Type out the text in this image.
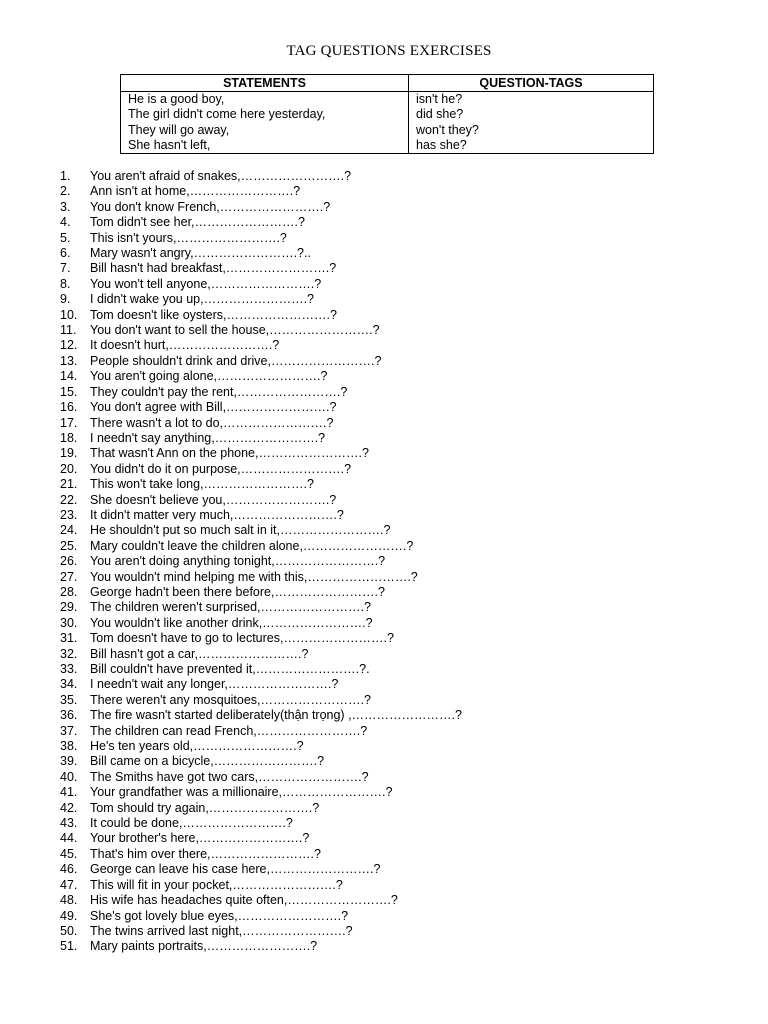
TAG QUESTIONS EXERCISES
STATEMENTS	QUESTION-TAGS
He is a good boy,	isn't he?
The girl didn't come here yesterday,	did she?
They will go away,	won't they?
She hasn't left,	has she?
1. You aren't afraid of snakes,…………………….?
2. Ann isn't at home,…………………….?
3. You don't know French,…………………….?
4. Tom didn't see her,…………………….?
5. This isn't yours,…………………….?
6. Mary wasn't angry,…………………….?..
7. Bill hasn't had breakfast,…………………….?
8. You won't tell anyone,…………………….?
9. I didn't wake you up,…………………….?
10. Tom doesn't like oysters,…………………….?
11. You don't want to sell the house,…………………….?
12. It doesn't hurt,…………………….?
13. People shouldn't drink and drive,…………………….?
14. You aren't going alone,…………………….?
15. They couldn't pay the rent,…………………….?
16. You don't agree with Bill,…………………….?
17. There wasn't a lot to do,…………………….?
18. I needn't say anything,…………………….?
19. That wasn't Ann on the phone,…………………….?
20. You didn't do it on purpose,…………………….?
21. This won't take long,…………………….?
22. She doesn't believe you,…………………….?
23. It didn't matter very much,…………………….?
24. He shouldn't put so much salt in it,…………………….?
25. Mary couldn't leave the children alone,…………………….?
26. You aren't doing anything tonight,…………………….?
27. You wouldn't mind helping me with this,…………………….?
28. George hadn't been there before,…………………….?
29. The children weren't surprised,…………………….?
30. You wouldn't like another drink,…………………….?
31. Tom doesn't have to go to lectures,…………………….?
32. Bill hasn't got a car,…………………….?
33. Bill couldn't have prevented it,…………………….?.
34. I needn't wait any longer,…………………….?
35. There weren't any mosquitoes,…………………….?
36. The fire wasn't started deliberately(thận trọng) ,…………………….?
37. The children can read French,…………………….?
38. He's ten years old,…………………….?
39. Bill came on a bicycle,…………………….?
40. The Smiths have got two cars,…………………….?
41. Your grandfather was a millionaire,…………………….?
42. Tom should try again,…………………….?
43. It could be done,…………………….?
44. Your brother's here,…………………….?
45. That's him over there,…………………….?
46. George can leave his case here,…………………….?
47. This will fit in your pocket,…………………….?
48. His wife has headaches quite often,…………………….?
49. She's got lovely blue eyes,…………………….?
50. The twins arrived last night,…………………….?
51. Mary paints portraits,…………………….?
